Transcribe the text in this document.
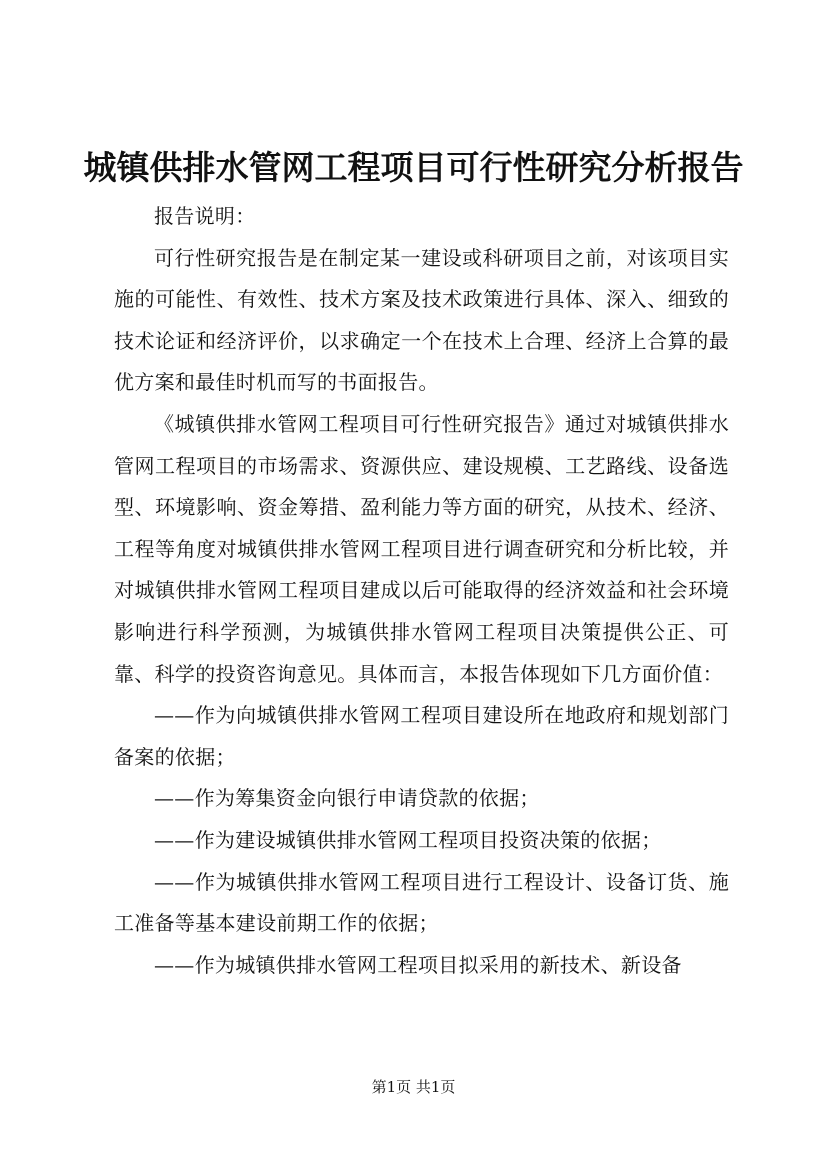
城镇供排水管网工程项目可行性研究分析报告

报告说明：

可行性研究报告是在制定某一建设或科研项目之前，对该项目实施的可能性、有效性、技术方案及技术政策进行具体、深入、细致的技术论证和经济评价，以求确定一个在技术上合理、经济上合算的最优方案和最佳时机而写的书面报告。

《城镇供排水管网工程项目可行性研究报告》通过对城镇供排水管网工程项目的市场需求、资源供应、建设规模、工艺路线、设备选型、环境影响、资金筹措、盈利能力等方面的研究，从技术、经济、工程等角度对城镇供排水管网工程项目进行调查研究和分析比较，并对城镇供排水管网工程项目建成以后可能取得的经济效益和社会环境影响进行科学预测，为城镇供排水管网工程项目决策提供公正、可靠、科学的投资咨询意见。具体而言，本报告体现如下几方面价值：

——作为向城镇供排水管网工程项目建设所在地政府和规划部门备案的依据；

——作为筹集资金向银行申请贷款的依据；

——作为建设城镇供排水管网工程项目投资决策的依据；

——作为城镇供排水管网工程项目进行工程设计、设备订货、施工准备等基本建设前期工作的依据；

——作为城镇供排水管网工程项目拟采用的新技术、新设备

第1页 共1页
